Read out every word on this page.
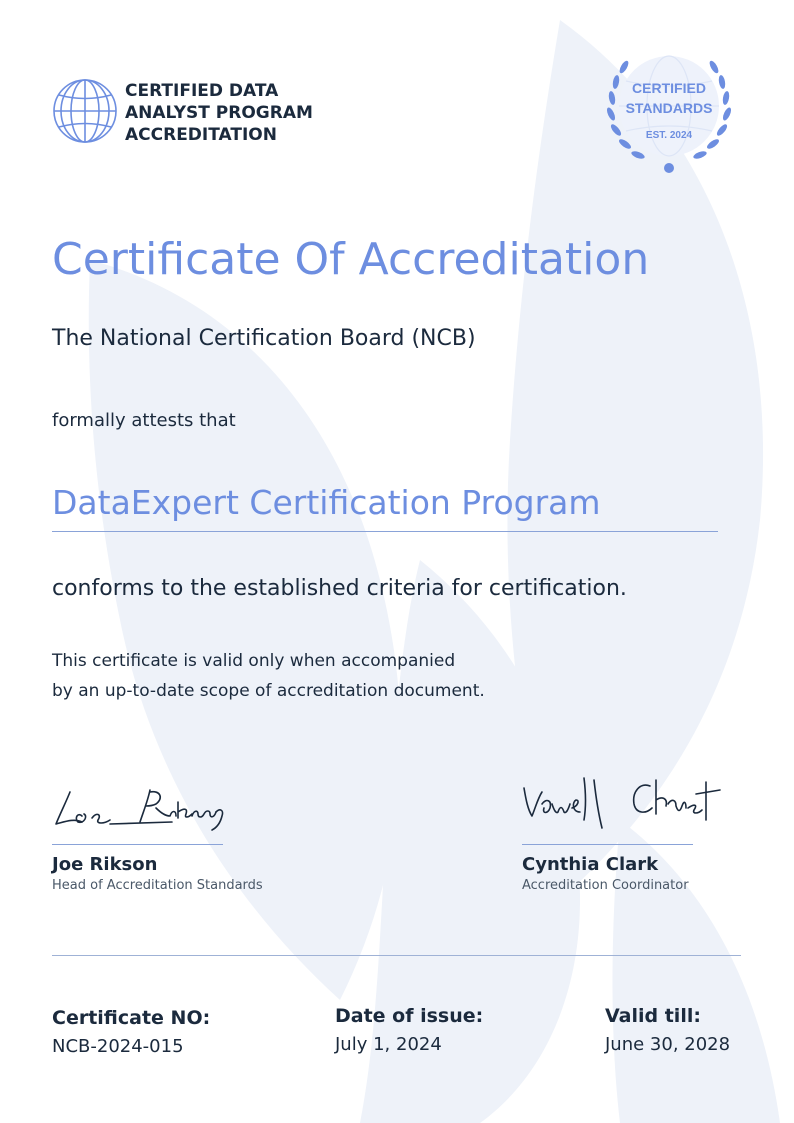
CERTIFIED DATA
ANALYST PROGRAM
ACCREDITATION
CERTIFIED
STANDARDS
EST. 2024
Certificate Of Accreditation
The National Certification Board (NCB)
formally attests that
DataExpert Certification Program
conforms to the established criteria for certification.
This certificate is valid only when accompanied
by an up-to-date scope of accreditation document.
Joe Rikson
Head of Accreditation Standards
Cynthia Clark
Accreditation Coordinator
Certificate NO:
NCB-2024-015
Date of issue:
July 1, 2024
Valid till:
June 30, 2028
